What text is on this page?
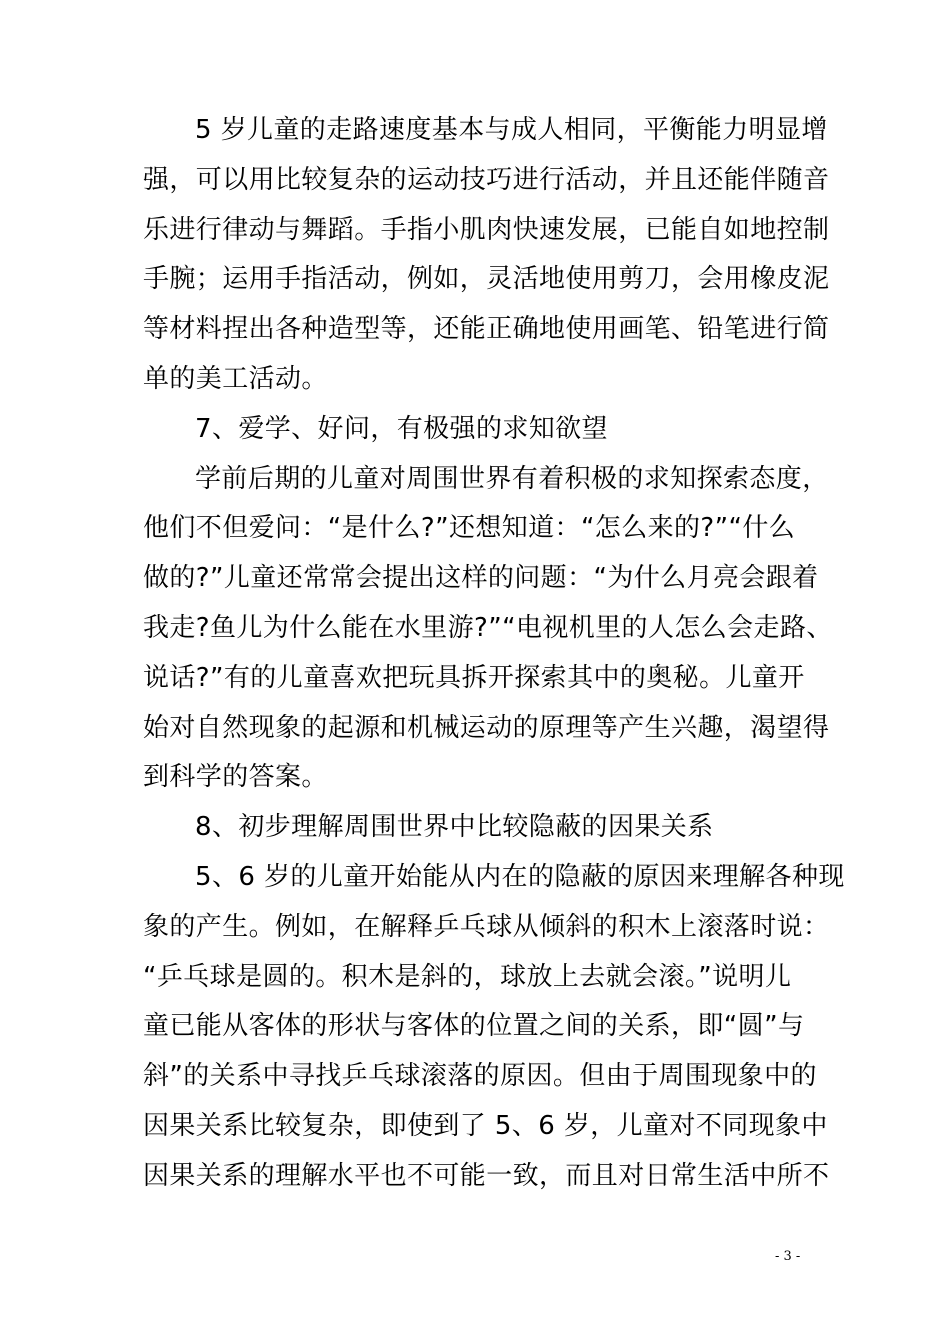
5 岁儿童的走路速度基本与成人相同，平衡能力明显增
强，可以用比较复杂的运动技巧进行活动，并且还能伴随音
乐进行律动与舞蹈。手指小肌肉快速发展，已能自如地控制
手腕；运用手指活动，例如，灵活地使用剪刀，会用橡皮泥
等材料捏出各种造型等，还能正确地使用画笔、铅笔进行简
单的美工活动。
7、爱学、好问，有极强的求知欲望
学前后期的儿童对周围世界有着积极的求知探索态度，
他们不但爱问：“是什么?”还想知道：“怎么来的?”“什么
做的?”儿童还常常会提出这样的问题：“为什么月亮会跟着
我走?鱼儿为什么能在水里游?”“电视机里的人怎么会走路、
说话?”有的儿童喜欢把玩具拆开探索其中的奥秘。儿童开
始对自然现象的起源和机械运动的原理等产生兴趣，渴望得
到科学的答案。
8、初步理解周围世界中比较隐蔽的因果关系
5、6 岁的儿童开始能从内在的隐蔽的原因来理解各种现
象的产生。例如，在解释乒乓球从倾斜的积木上滚落时说：
“乒乓球是圆的。积木是斜的，球放上去就会滚。”说明儿
童已能从客体的形状与客体的位置之间的关系，即“圆”与
斜”的关系中寻找乒乓球滚落的原因。但由于周围现象中的
因果关系比较复杂，即使到了 5、6 岁，儿童对不同现象中
因果关系的理解水平也不可能一致，而且对日常生活中所不
- 3 -
